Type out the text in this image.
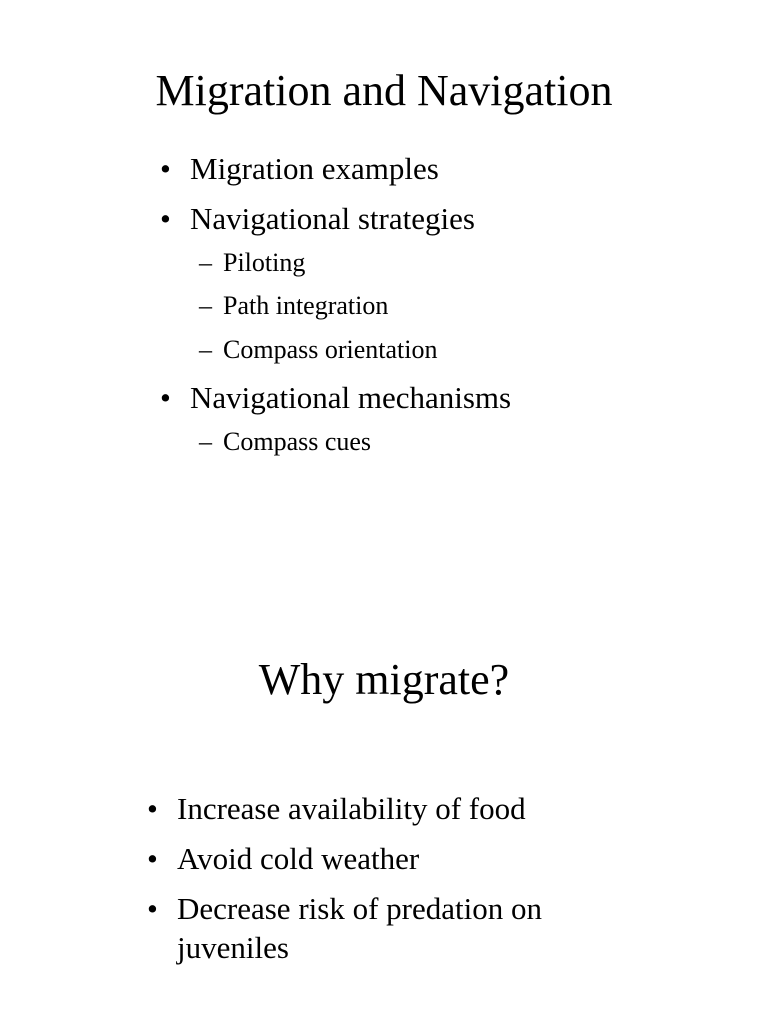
Migration and Navigation
• Migration examples
• Navigational strategies
– Piloting
– Path integration
– Compass orientation
• Navigational mechanisms
– Compass cues
Why migrate?
• Increase availability of food
• Avoid cold weather
• Decrease risk of predation on
juveniles
